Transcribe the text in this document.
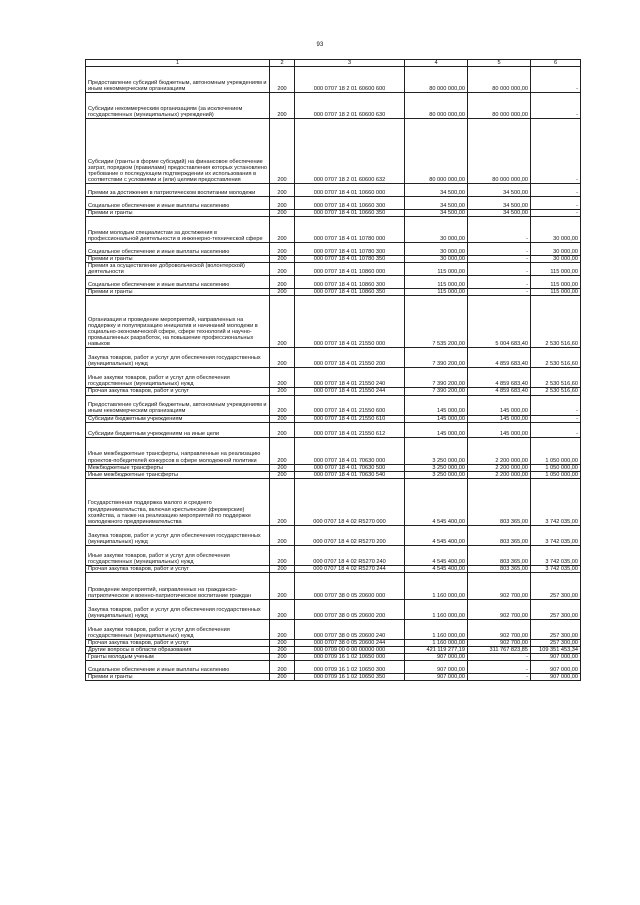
93
1	2	3	4	5	6
Предоставление субсидий бюджетным, автономным учреждениям и иным некоммерческим организациям	200	000 0707 18 2 01 60600 600	80 000 000,00	80 000 000,00	-
Субсидии некоммерческим организациям (за исключением государственных (муниципальных) учреждений)	200	000 0707 18 2 01 60600 630	80 000 000,00	80 000 000,00	-
Субсидии (гранты в форме субсидий) на финансовое обеспечение затрат, порядком (правилами) предоставления которых установлено требование о последующем подтверждении их использования в соответствии с условиями и (или) целями предоставления	200	000 0707 18 2 01 60600 632	80 000 000,00	80 000 000,00	-
Премии за достижения в патриотическом воспитании молодежи	200	000 0707 18 4 01 10660 000	34 500,00	34 500,00	-
Социальное обеспечение и иные выплаты населению	200	000 0707 18 4 01 10660 300	34 500,00	34 500,00	-
Премии и гранты	200	000 0707 18 4 01 10660 350	34 500,00	34 500,00	-
Премии молодым специалистам за достижения в профессиональной деятельности в инженерно-технической сфере	200	000 0707 18 4 01 10780 000	30 000,00	-	30 000,00
Социальное обеспечение и иные выплаты населению	200	000 0707 18 4 01 10780 300	30 000,00	-	30 000,00
Премии и гранты	200	000 0707 18 4 01 10780 350	30 000,00	-	30 000,00
Премия за осуществление добровольческой (волонтерской) деятельности	200	000 0707 18 4 01 10860 000	115 000,00	-	115 000,00
Социальное обеспечение и иные выплаты населению	200	000 0707 18 4 01 10860 300	115 000,00	-	115 000,00
Премии и гранты	200	000 0707 18 4 01 10860 350	115 000,00	-	115 000,00
Организация и проведение мероприятий, направленных на поддержку и популяризацию инициатив и начинаний молодежи в социально-экономической сфере, сфере технологий и научно-промышленных разработок, на повышение профессиональных навыков	200	000 0707 18 4 01 21550 000	7 535 200,00	5 004 683,40	2 530 516,60
Закупка товаров, работ и услуг для обеспечения государственных (муниципальных) нужд	200	000 0707 18 4 01 21550 200	7 390 200,00	4 859 683,40	2 530 516,60
Иные закупки товаров, работ и услуг для обеспечения государственных (муниципальных) нужд	200	000 0707 18 4 01 21550 240	7 390 200,00	4 859 683,40	2 530 516,60
Прочая закупка товаров, работ и услуг	200	000 0707 18 4 01 21550 244	7 390 200,00	4 859 683,40	2 530 516,60
Предоставление субсидий бюджетным, автономным учреждениям и иным некоммерческим организациям	200	000 0707 18 4 01 21550 600	145 000,00	145 000,00	-
Субсидии бюджетным учреждениям	200	000 0707 18 4 01 21550 610	145 000,00	145 000,00	-
Субсидии бюджетным учреждениям на иные цели	200	000 0707 18 4 01 21550 612	145 000,00	145 000,00	-
Иные межбюджетные трансферты, направленные на реализацию проектов-победителей конкурсов в сфере молодежной политики	200	000 0707 18 4 01 70630 000	3 250 000,00	2 200 000,00	1 050 000,00
Межбюджетные трансферты	200	000 0707 18 4 01 70630 500	3 250 000,00	2 200 000,00	1 050 000,00
Иные межбюджетные трансферты	200	000 0707 18 4 01 70630 540	3 250 000,00	2 200 000,00	1 050 000,00
Государственная поддержка малого и среднего предпринимательства, включая крестьянские (фермерские) хозяйства, а также на реализацию мероприятий по поддержке молодежного предпринимательства	200	000 0707 18 4 02 R5270 000	4 545 400,00	803 365,00	3 742 035,00
Закупка товаров, работ и услуг для обеспечения государственных (муниципальных) нужд	200	000 0707 18 4 02 R5270 200	4 545 400,00	803 365,00	3 742 035,00
Иные закупки товаров, работ и услуг для обеспечения государственных (муниципальных) нужд	200	000 0707 18 4 02 R5270 240	4 545 400,00	803 365,00	3 742 035,00
Прочая закупка товаров, работ и услуг	200	000 0707 18 4 02 R5270 244	4 545 400,00	803 365,00	3 742 035,00
Проведение мероприятий, направленных на гражданско-патриотическое и военно-патриотическое воспитание граждан	200	000 0707 38 0 05 20600 000	1 160 000,00	902 700,00	257 300,00
Закупка товаров, работ и услуг для обеспечения государственных (муниципальных) нужд	200	000 0707 38 0 05 20600 200	1 160 000,00	902 700,00	257 300,00
Иные закупки товаров, работ и услуг для обеспечения государственных (муниципальных) нужд	200	000 0707 38 0 05 20600 240	1 160 000,00	902 700,00	257 300,00
Прочая закупка товаров, работ и услуг	200	000 0707 38 0 05 20600 244	1 160 000,00	902 700,00	257 300,00
Другие вопросы в области образования	200	000 0709 00 0 00 00000 000	421 119 277,19	311 767 823,85	109 351 453,34
Гранты молодым ученым	200	000 0709 16 1 02 10650 000	907 000,00	-	907 000,00
Социальное обеспечение и иные выплаты населению	200	000 0709 16 1 02 10650 300	907 000,00	-	907 000,00
Премии и гранты	200	000 0709 16 1 02 10650 350	907 000,00	-	907 000,00
